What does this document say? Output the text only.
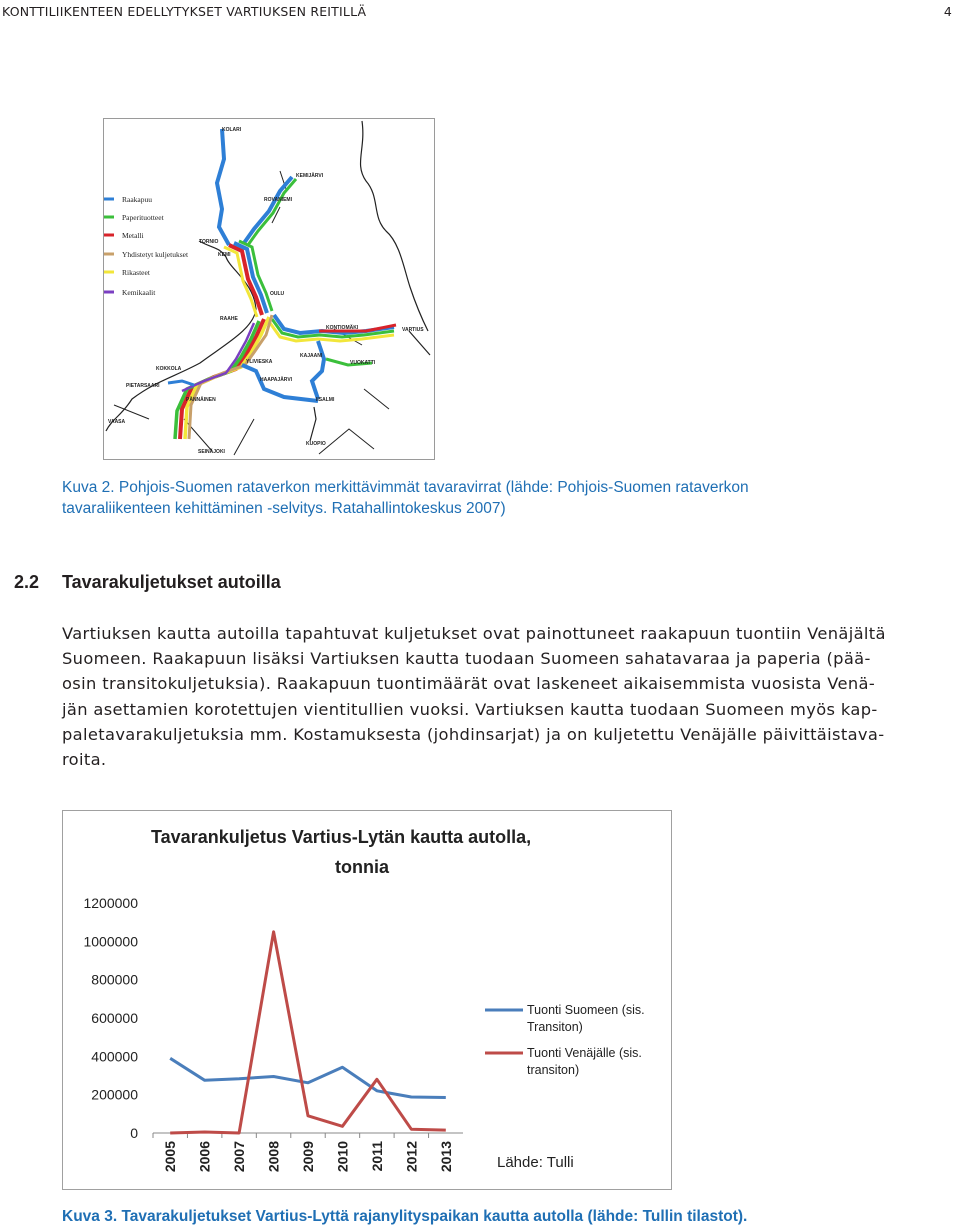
KONTTILIIKENTEEN EDELLYTYKSET VARTIUKSEN REITILLÄ	4
Raakapuu
Paperituotteet
Metalli
Yhdistetyt kuljetukset
Rikasteet
Kemikaalit
KOLARI
KEMIJÄRVI
ROVANIEMI
TORNIO
KEMI
OULU
RAAHE
KONTIOMÄKI	VARTIUS
KAJAANI
VUOKATTI
KOKKOLA
YLIVIESKA
HAAPAJÄRVI
PIETARSAARI
PÄNNÄINEN	IISALMI
VAASA
KUOPIO
SEINÄJOKI
Kuva 2. Pohjois-Suomen rataverkon merkittävimmät tavaravirrat (lähde: Pohjois-Suomen rataverkon
tavaraliikenteen kehittäminen -selvitys. Ratahallintokeskus 2007)
2.2 Tavarakuljetukset autoilla
Vartiuksen kautta autoilla tapahtuvat kuljetukset ovat painottuneet raakapuun tuontiin Venäjältä
Suomeen. Raakapuun lisäksi Vartiuksen kautta tuodaan Suomeen sahatavaraa ja paperia (pää-
osin transitokuljetuksia). Raakapuun tuontimäärät ovat laskeneet aikaisemmista vuosista Venä-
jän asettamien korotettujen vientitullien vuoksi. Vartiuksen kautta tuodaan Suomeen myös kap-
paletavarakuljetuksia mm. Kostamuksesta (johdinsarjat) ja on kuljetettu Venäjälle päivittäistava-
roita.
Tavarankuljetus Vartius-Lytän kautta autolla,
tonnia
0
200000
400000
600000
800000
1000000
1200000
2005 2006 2007 2008 2009 2010 2011 2012 2013
Tuonti Suomeen (sis.
Transiton)
Tuonti Venäjälle (sis.
transiton)
Lähde: Tulli
Kuva 3. Tavarakuljetukset Vartius-Lyttä rajanylityspaikan kautta autolla (lähde: Tullin tilastot).
